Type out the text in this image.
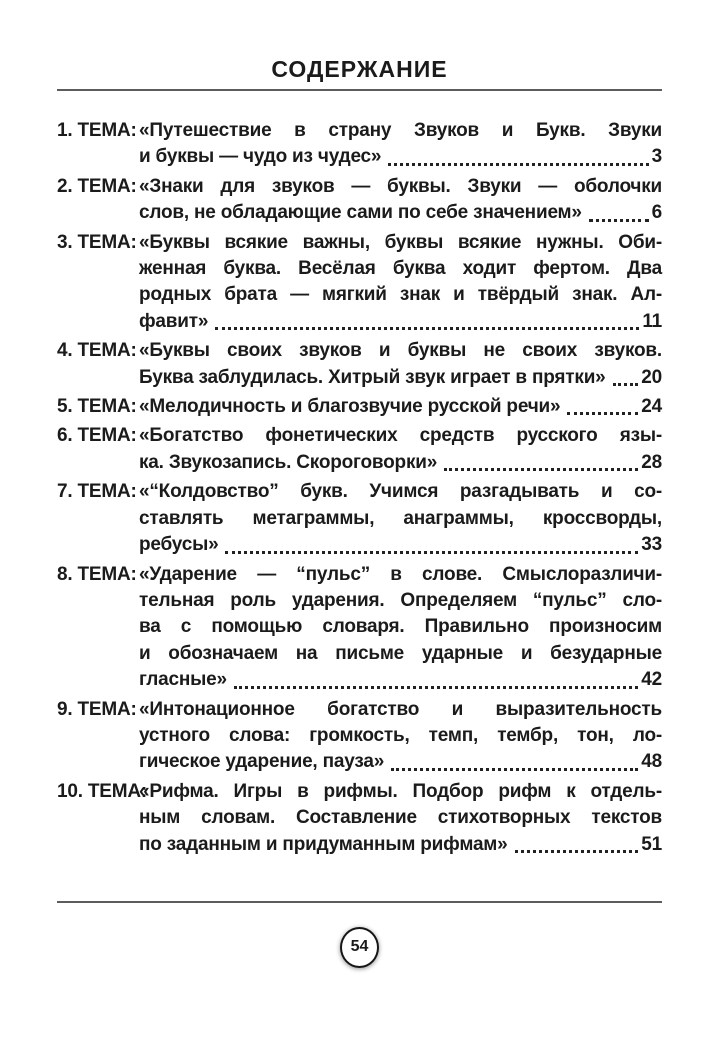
СОДЕРЖАНИЕ
1. ТЕМА: «Путешествие в страну Звуков и Букв. Звуки
и буквы — чудо из чудес»	3
2. ТЕМА: «Знаки для звуков — буквы. Звуки — оболочки
слов, не обладающие сами по себе значением»	6
3. ТЕМА: «Буквы всякие важны, буквы всякие нужны. Оби-
женная буква. Весёлая буква ходит фертом. Два
родных брата — мягкий знак и твёрдый знак. Ал-
фавит»	11
4. ТЕМА: «Буквы своих звуков и буквы не своих звуков.
Буква заблудилась. Хитрый звук играет в прятки» 20
5. ТЕМА: «Мелодичность и благозвучие русской речи»	24
6. ТЕМА: «Богатство фонетических средств русского язы-
ка. Звукозапись. Скороговорки»	28
7. ТЕМА: «“Колдовство” букв. Учимся разгадывать и со-
ставлять метаграммы, анаграммы, кроссворды,
ребусы»	33
8. ТЕМА: «Ударение — “пульс” в слове. Смыслоразличи-
тельная роль ударения. Определяем “пульс” сло-
ва с помощью словаря. Правильно произносим
и обозначаем на письме ударные и безударные
гласные»	42
9. ТЕМА: «Интонационное богатство и выразительность
устного слова: громкость, темп, тембр, тон, ло-
гическое ударение, пауза»	48
10. ТЕМА:
«Рифма. Игры в рифмы. Подбор рифм к отдель-
ным словам. Составление стихотворных текстов
по заданным и придуманным рифмам»	51
54
